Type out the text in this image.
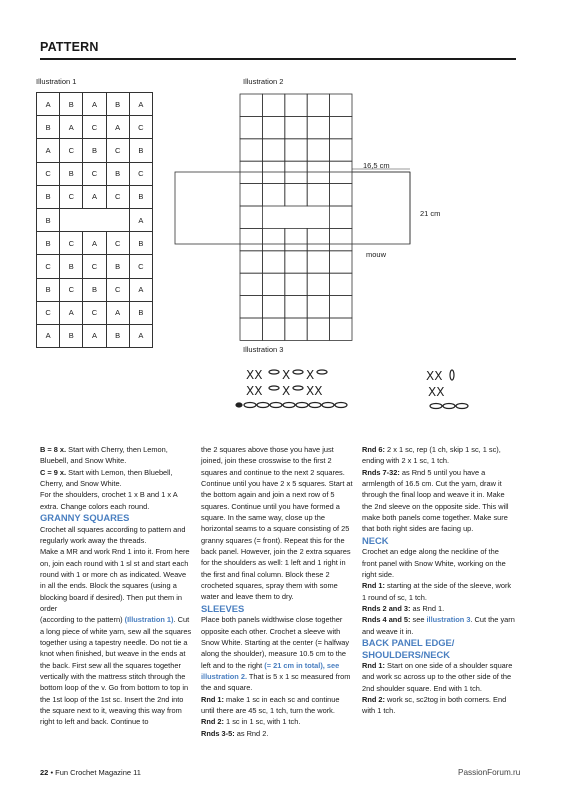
PATTERN
Illustration 1
A	B	A	B	A
B	A	C	A	C
A	C	B	C	B
C	B	C	B	C
B	C	A	C	B
B				A
B	C	A	C	B
C	B	C	B	C
B	C	B	C	A
C	A	C	A	B
A	B	A	B	A
Illustration 2
16,5 cm
21 cm
mouw
Illustration 3
XX X X
XX X XX
XX
XX

B = 8 x. Start with Cherry, then Lemon, Bluebell, and Snow White.

C = 9 x. Start with Lemon, then Bluebell, Cherry, and Snow White.

For the shoulders, crochet 1 x B and 1 x A extra. Change colors each round.

GRANNY SQUARES

Crochet all squares according to pattern and regularly work away the threads.

Make a MR and work Rnd 1 into it. From here on, join each round with 1 sl st and start each round with 1 or more ch as indicated. Weave in all the ends. Block the squares (using a blocking board if desired). Then put them in order

(according to the pattern) (Illustration 1). Cut a long piece of white yarn, sew all the squares together using a tapestry needle. Do not tie a knot when finished, but weave in the ends at the back. First sew all the squares together vertically with the mattress stitch through the bottom loop of the v. Go from bottom to top in the 1st loop of the 1st sc. Insert the 2nd into the square next to it, weaving this way from right to left and back. Continue to

the 2 squares above those you have just joined, join these crosswise to the first 2 squares and continue to the next 2 squares. Continue until you have 2 x 5 squares. Start at the bottom again and join a next row of 5 squares. Continue until you have formed a square. In the same way, close up the horizontal seams to a square consisting of 25 granny squares (= front). Repeat this for the back panel. However, join the 2 extra squares for the shoulders as well: 1 left and 1 right in the first and final column. Block these 2 crocheted squares, spray them with some water and leave them to dry.

SLEEVES

Place both panels widthwise close together opposite each other. Crochet a sleeve with Snow White. Starting at the center (= halfway along the shoulder), measure 10.5 cm to the left and to the right (= 21 cm in total), see illustration 2. That is 5 x 1 sc measured from the and square.

Rnd 1: make 1 sc in each sc and continue until there are 45 sc, 1 tch, turn the work.

Rnd 2: 1 sc in 1 sc, with 1 tch.

Rnds 3-5: as Rnd 2.

Rnd 6: 2 x 1 sc, rep (1 ch, skip 1 sc, 1 sc), ending with 2 x 1 sc, 1 tch.

Rnds 7-32: as Rnd 5 until you have a armlength of 16.5 cm. Cut the yarn, draw it through the final loop and weave it in. Make the 2nd sleeve on the opposite side. This will make both panels come together. Make sure that both right sides are facing up.

NECK

Crochet an edge along the neckline of the front panel with Snow White, working on the right side.

Rnd 1: starting at the side of the sleeve, work 1 round of sc, 1 tch.

Rnds 2 and 3: as Rnd 1.

Rnds 4 and 5: see illustration 3. Cut the yarn and weave it in.

BACK PANEL EDGE/ SHOULDERS/NECK

Rnd 1: Start on one side of a shoulder square and work sc across up to the other side of the 2nd shoulder square. End with 1 tch.

Rnd 2: work sc, sc2tog in both corners. End with 1 tch.

22 • Fun Crochet Magazine 11	PassionForum.ru
